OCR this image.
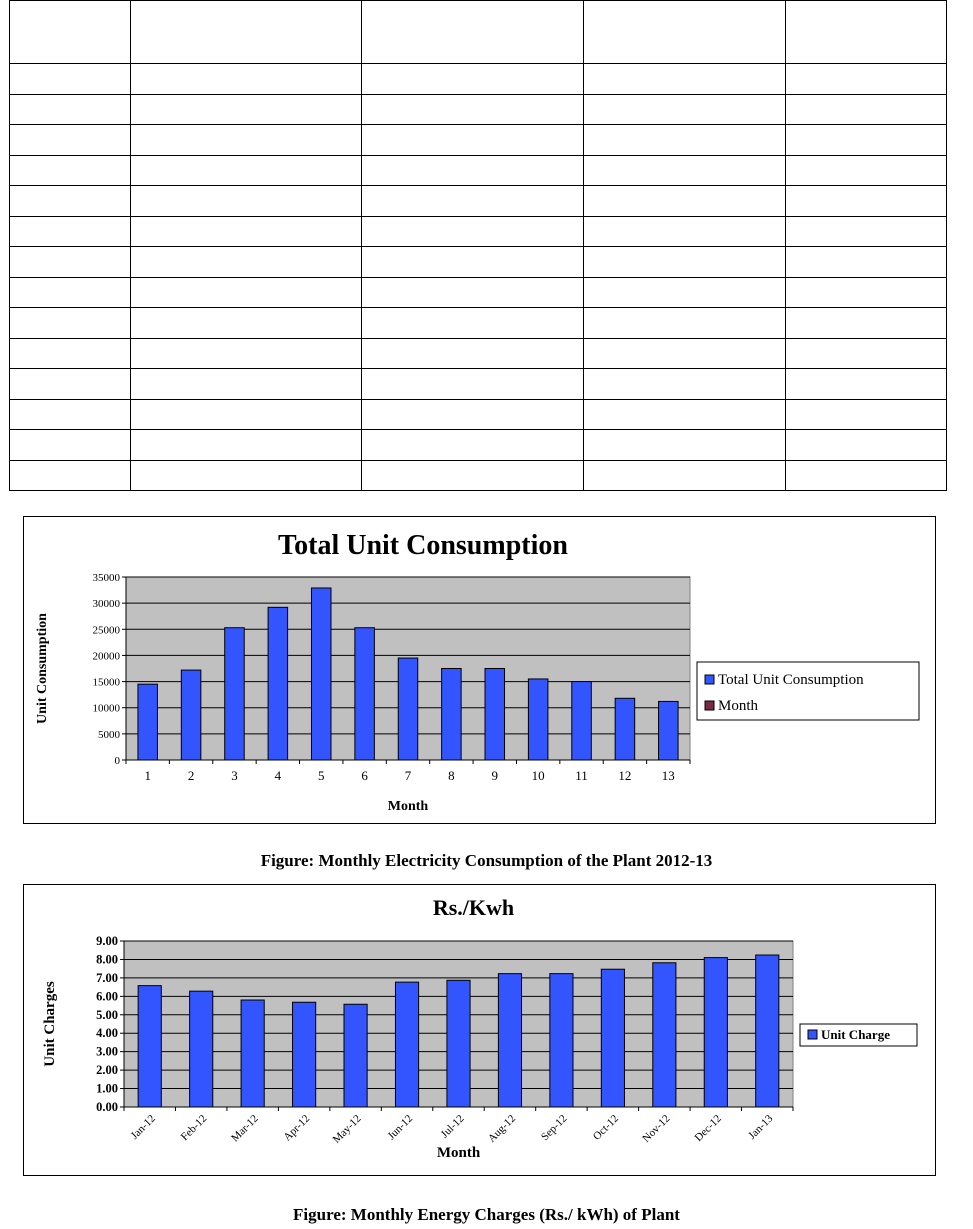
Total Unit Consumption
0
5000
10000
15000
20000
25000
30000
35000
1	2	3	4	5	6	7	8	9	10 11 12 13
Month
Unit Consumption	Total Unit Consumption
Month
Figure: Monthly Electricity Consumption of the Plant 2012-13
Rs./Kwh
0.00
1.00
2.00
3.00
4.00
5.00
6.00
7.00
8.00
9.00
Jan-12 Feb-12 Mar-12 Apr-12 May-12 Jun-12 Jul-12 Aug-12 Sep-12 Oct-12 Nov-12 Dec-12 Jan-13
Month
Unit Charges	Unit Charge
Figure: Monthly Energy Charges (Rs./ kWh) of Plant
